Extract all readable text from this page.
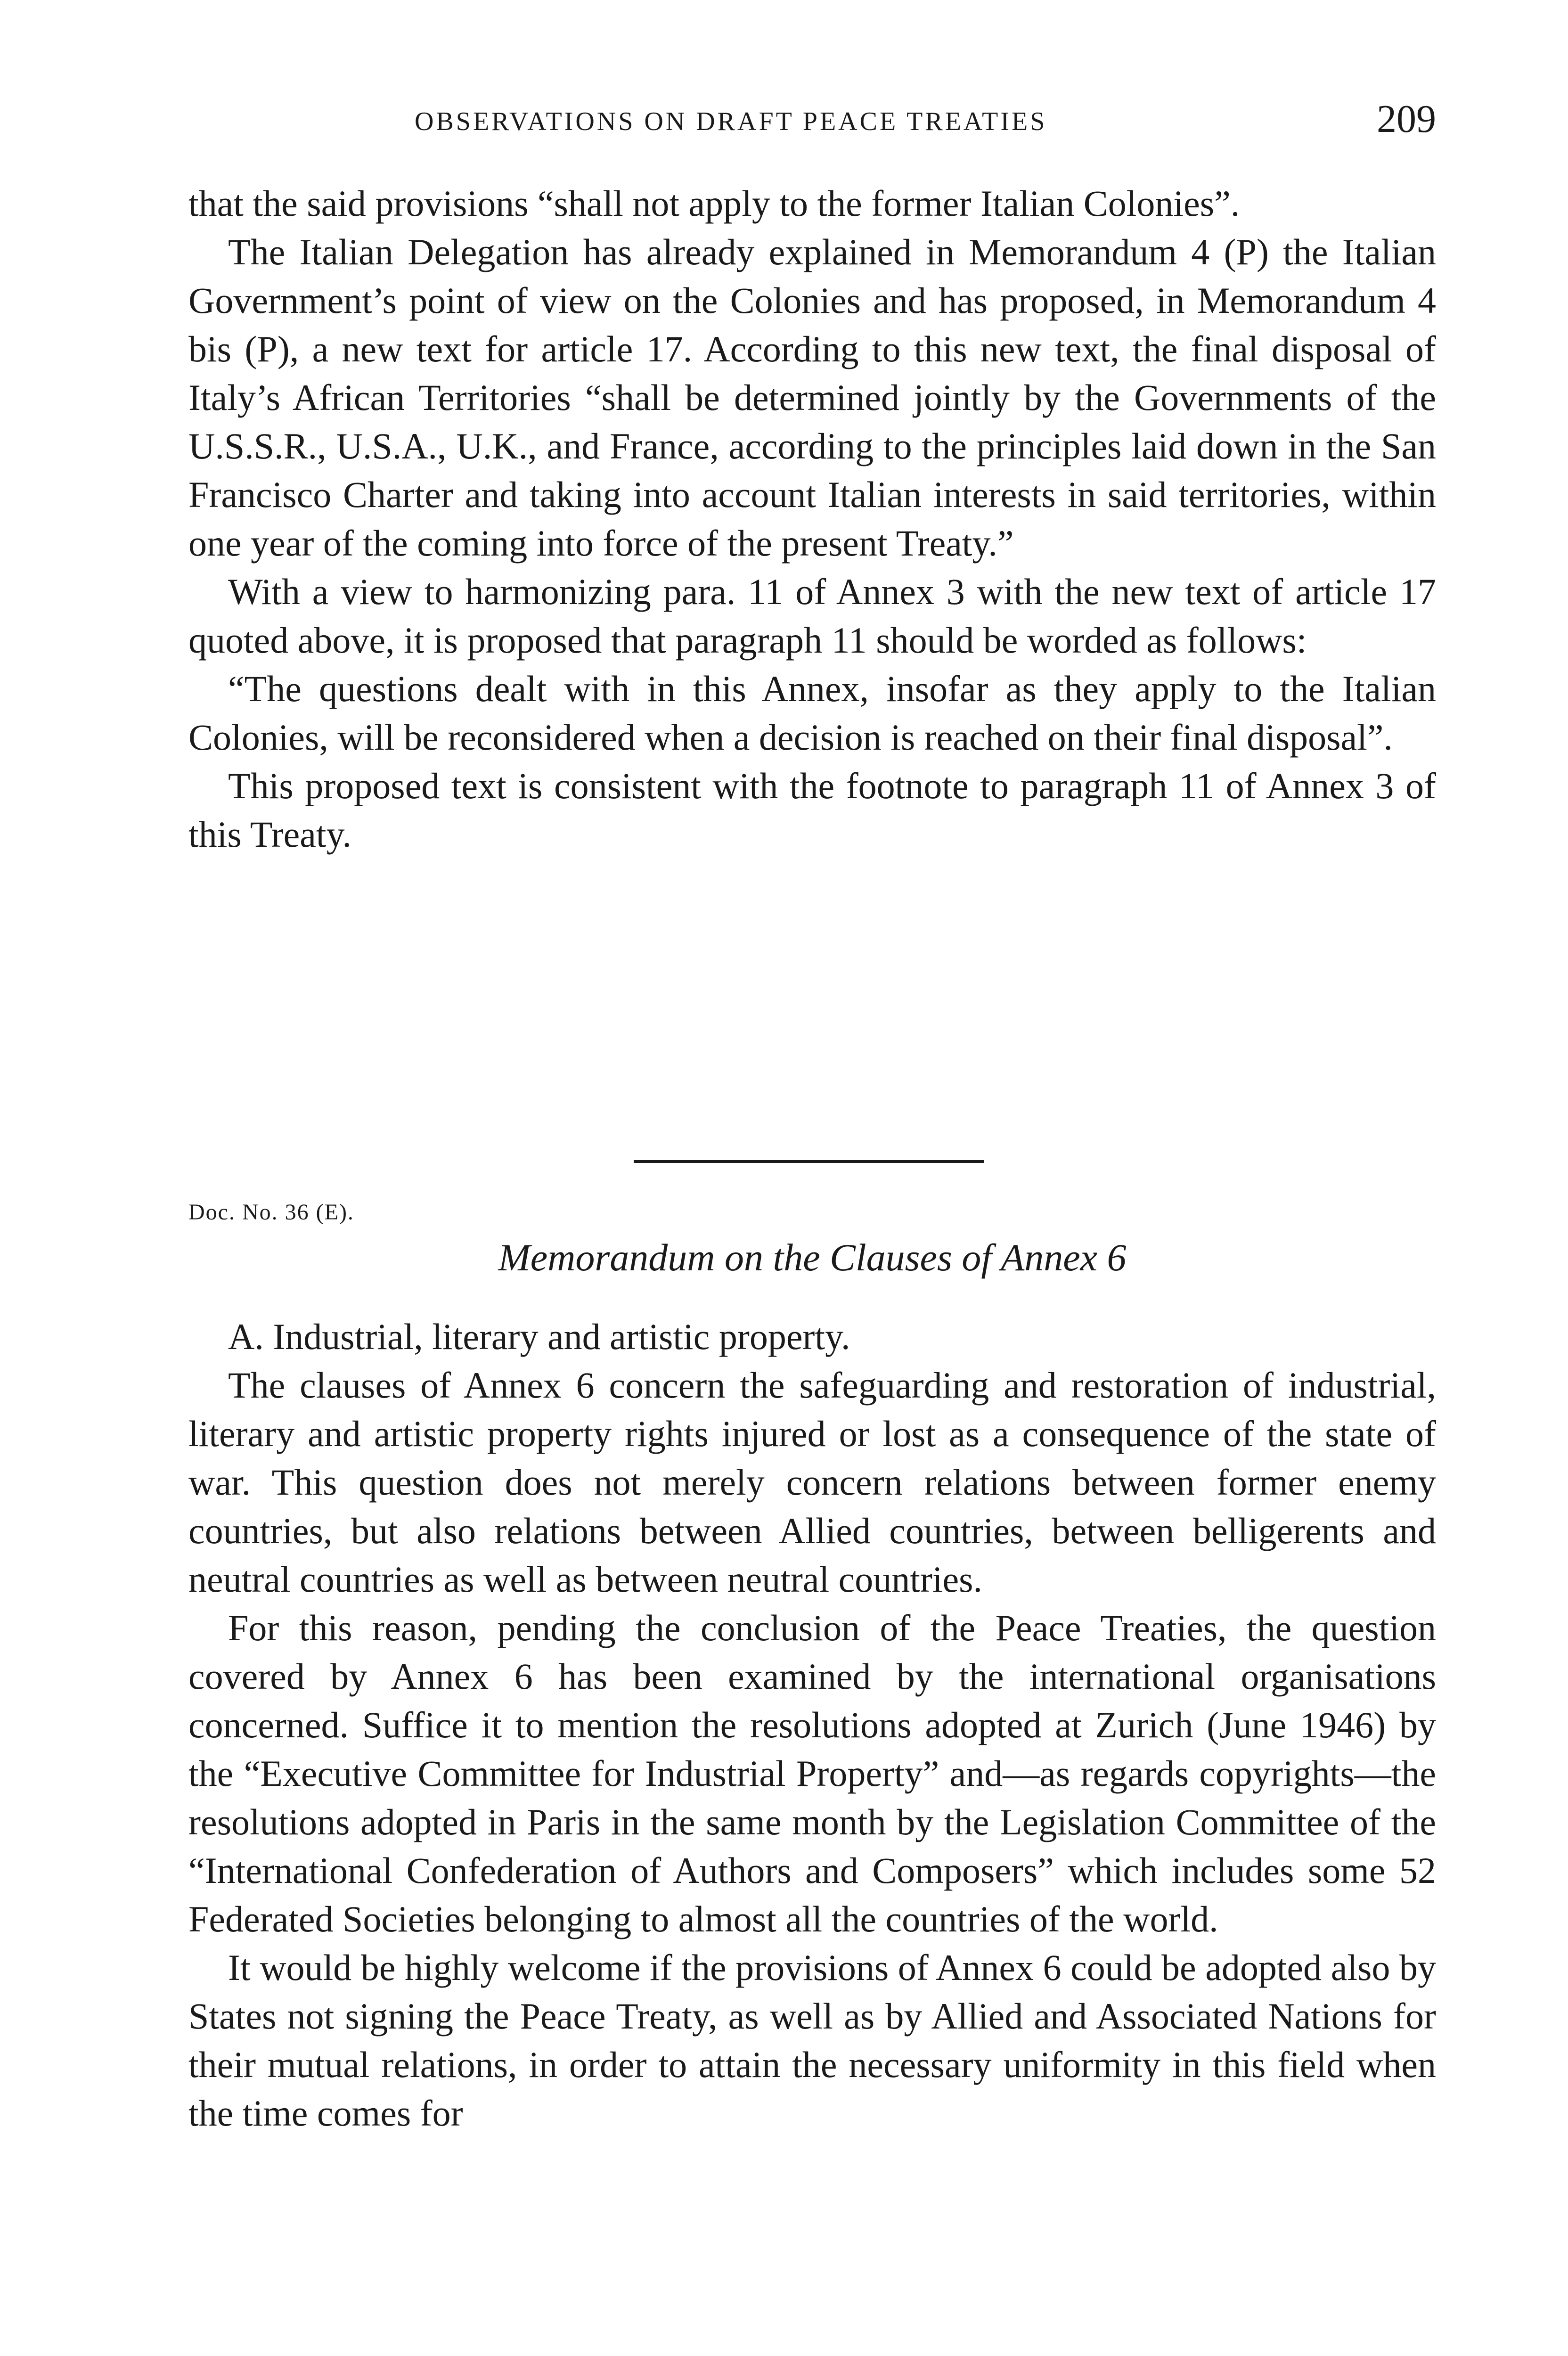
OBSERVATIONS ON DRAFT PEACE TREATIES	209

that the said provisions “shall not apply to the former Italian Colonies”.

The Italian Delegation has already explained in Memorandum 4 (P) the Italian Government’s point of view on the Colonies and has proposed, in Memorandum 4 bis (P), a new text for article 17. According to this new text, the final disposal of Italy’s African Territories “shall be determined jointly by the Governments of the U.S.S.R., U.S.A., U.K., and France, according to the principles laid down in the San Francisco Charter and taking into account Italian interests in said territories, within one year of the coming into force of the present Treaty.”

With a view to harmonizing para. 11 of Annex 3 with the new text of article 17 quoted above, it is proposed that paragraph 11 should be worded as follows:

“The questions dealt with in this Annex, insofar as they apply to the Italian Colonies, will be reconsidered when a decision is reached on their final disposal”.

This proposed text is consistent with the footnote to paragraph 11 of Annex 3 of this Treaty.

Doc. No. 36 (E).
Memorandum on the Clauses of Annex 6

A. Industrial, literary and artistic property.

The clauses of Annex 6 concern the safeguarding and restoration of industrial, literary and artistic property rights injured or lost as a consequence of the state of war. This question does not merely concern relations between former enemy countries, but also relations between Allied countries, between belligerents and neutral countries as well as between neutral countries.

For this reason, pending the conclusion of the Peace Treaties, the question covered by Annex 6 has been examined by the international organisations concerned. Suffice it to mention the resolutions adopted at Zurich (June 1946) by the “Executive Committee for Industrial Property” and—as regards copyrights—the resolutions adopted in Paris in the same month by the Legislation Committee of the “International Confederation of Authors and Composers” which includes some 52 Federated Societies belonging to almost all the countries of the world.

It would be highly welcome if the provisions of Annex 6 could be adopted also by States not signing the Peace Treaty, as well as by Allied and Associated Nations for their mutual relations, in order to attain the necessary uniformity in this field when the time comes for
